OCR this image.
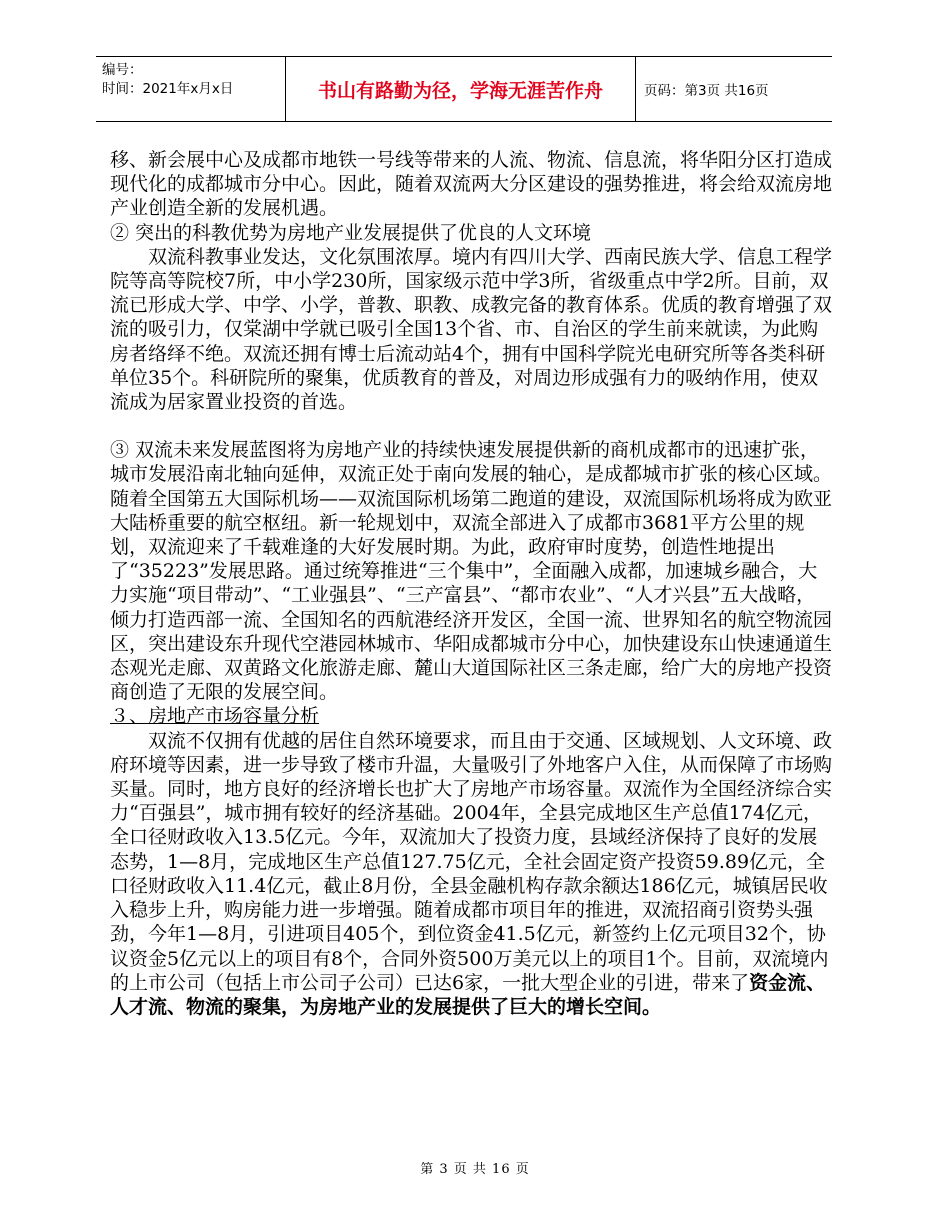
编号：
时间：2021年x月x日	书山有路勤为径，学海无涯苦作舟	页码：第3页 共16页

移、新会展中心及成都市地铁一号线等带来的人流、物流、信息流，将华阳分区打造成现代化的成都城市分中心。因此，随着双流两大分区建设的强势推进，将会给双流房地产业创造全新的发展机遇。

② 突出的科教优势为房地产业发展提供了优良的人文环境

双流科教事业发达，文化氛围浓厚。境内有四川大学、西南民族大学、信息工程学院等高等院校7所，中小学230所，国家级示范中学3所，省级重点中学2所。目前，双流已形成大学、中学、小学，普教、职教、成教完备的教育体系。优质的教育增强了双流的吸引力，仅棠湖中学就已吸引全国13个省、市、自治区的学生前来就读，为此购房者络绎不绝。双流还拥有博士后流动站4个，拥有中国科学院光电研究所等各类科研单位35个。科研院所的聚集，优质教育的普及，对周边形成强有力的吸纳作用，使双流成为居家置业投资的首选。

③ 双流未来发展蓝图将为房地产业的持续快速发展提供新的商机成都市的迅速扩张，城市发展沿南北轴向延伸，双流正处于南向发展的轴心，是成都城市扩张的核心区域。随着全国第五大国际机场——双流国际机场第二跑道的建设，双流国际机场将成为欧亚大陆桥重要的航空枢纽。新一轮规划中，双流全部进入了成都市3681平方公里的规划，双流迎来了千载难逢的大好发展时期。为此，政府审时度势，创造性地提出了“35223”发展思路。通过统筹推进“三个集中”，全面融入成都，加速城乡融合，大力实施“项目带动”、“工业强县”、“三产富县”、“都市农业”、“人才兴县”五大战略，倾力打造西部一流、全国知名的西航港经济开发区，全国一流、世界知名的航空物流园区，突出建设东升现代空港园林城市、华阳成都城市分中心，加快建设东山快速通道生态观光走廊、双黄路文化旅游走廊、麓山大道国际社区三条走廊，给广大的房地产投资商创造了无限的发展空间。

３、房地产市场容量分析

双流不仅拥有优越的居住自然环境要求，而且由于交通、区域规划、人文环境、政府环境等因素，进一步导致了楼市升温，大量吸引了外地客户入住，从而保障了市场购买量。同时，地方良好的经济增长也扩大了房地产市场容量。双流作为全国经济综合实力“百强县”，城市拥有较好的经济基础。2004年，全县完成地区生产总值174亿元，全口径财政收入13.5亿元。今年，双流加大了投资力度，县域经济保持了良好的发展态势，1—8月，完成地区生产总值127.75亿元，全社会固定资产投资59.89亿元，全口径财政收入11.4亿元，截止8月份，全县金融机构存款余额达186亿元，城镇居民收入稳步上升，购房能力进一步增强。随着成都市项目年的推进，双流招商引资势头强劲，今年1—8月，引进项目405个，到位资金41.5亿元，新签约上亿元项目32个，协议资金5亿元以上的项目有8个，合同外资500万美元以上的项目1个。目前，双流境内的上市公司（包括上市公司子公司）已达6家，一批大型企业的引进，带来了资金流、人才流、物流的聚集，为房地产业的发展提供了巨大的增长空间。

第 3 页 共 16 页
